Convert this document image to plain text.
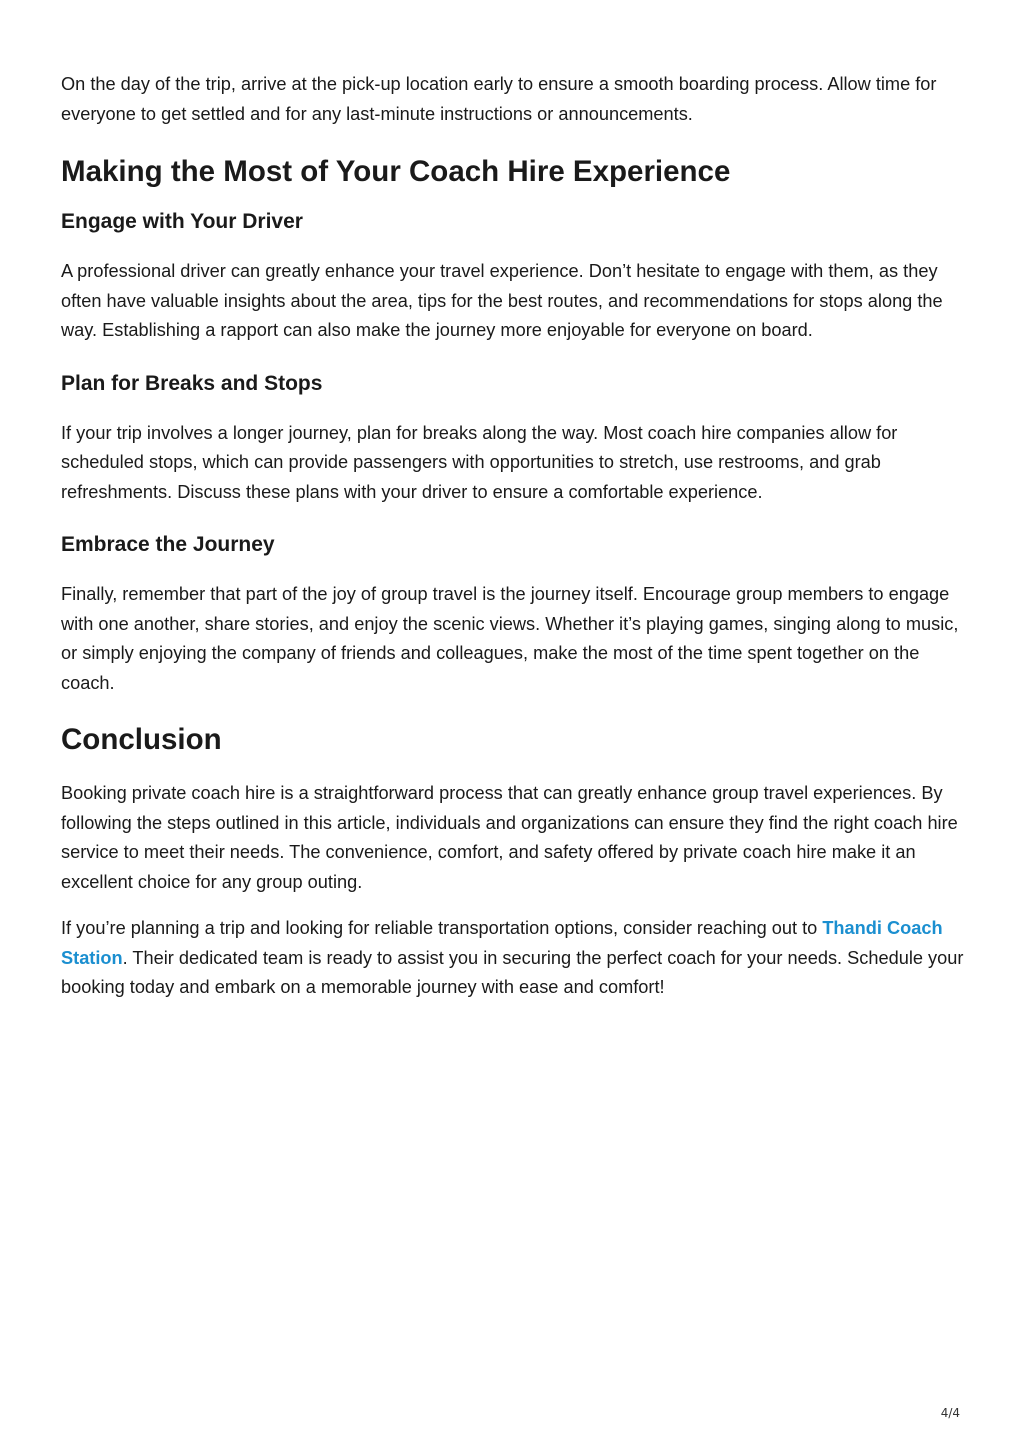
On the day of the trip, arrive at the pick-up location early to ensure a smooth boarding process. Allow time for everyone to get settled and for any last-minute instructions or announcements.

Making the Most of Your Coach Hire Experience
Engage with Your Driver

A professional driver can greatly enhance your travel experience. Don’t hesitate to engage with them, as they often have valuable insights about the area, tips for the best routes, and recommendations for stops along the way. Establishing a rapport can also make the journey more enjoyable for everyone on board.

Plan for Breaks and Stops

If your trip involves a longer journey, plan for breaks along the way. Most coach hire companies allow for scheduled stops, which can provide passengers with opportunities to stretch, use restrooms, and grab refreshments. Discuss these plans with your driver to ensure a comfortable experience.

Embrace the Journey

Finally, remember that part of the joy of group travel is the journey itself. Encourage group members to engage with one another, share stories, and enjoy the scenic views. Whether it’s playing games, singing along to music, or simply enjoying the company of friends and colleagues, make the most of the time spent together on the coach.

Conclusion

Booking private coach hire is a straightforward process that can greatly enhance group travel experiences. By following the steps outlined in this article, individuals and organizations can ensure they find the right coach hire service to meet their needs. The convenience, comfort, and safety offered by private coach hire make it an excellent choice for any group outing.

If you’re planning a trip and looking for reliable transportation options, consider reaching out to Thandi Coach Station. Their dedicated team is ready to assist you in securing the perfect coach for your needs. Schedule your booking today and embark on a memorable journey with ease and comfort!

4/4
